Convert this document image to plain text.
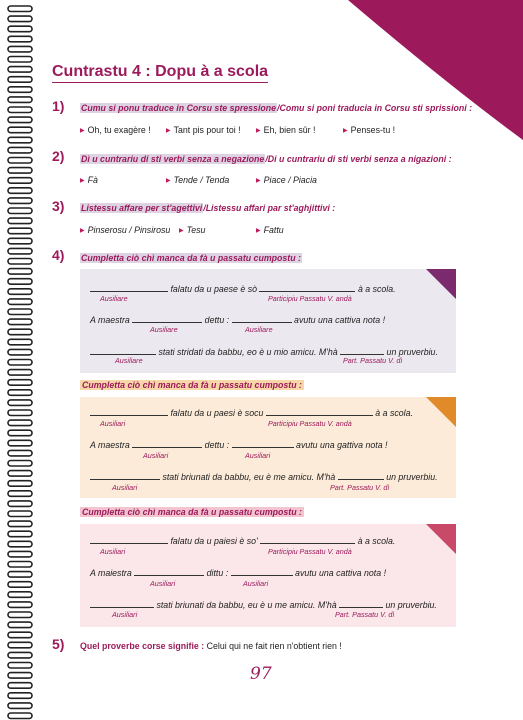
Cuntrastu 4 : Dopu à a scola
1) Cumu si ponu traduce in Corsu ste spressione/Comu si poni traducia in Corsu sti sprissioni :
▶ Oh, tu exagère !	▶ Tant pis pour toi !	▶ Eh, bien sûr !	▶ Penses-tu !
2) Dì u cuntrariu di sti verbi senza a negazione/Di u cuntrariu di sti verbi senza a nigazioni :
▶ Fà	▶ Tende / Tenda	▶ Piace / Piacia
3) Listessu affare per st'agettivi/Listessu affari par st'aghjittivi :
▶ Pinserosu / Pinsirosu ▶ Tesu	▶ Fattu
4) Cumpletta ciò chì manca da fà u passatu cumpostu :
falatu da u paese è sò	à a scola.
Ausiliare	Participiu Passatu V. andà
A maestra	dettu :	avutu una cattiva nota !
Ausiliare	Ausiliare
stati stridati da babbu, eo è u mio amicu. M'hà	un pruverbiu.
Ausiliare	Part. Passatu V. dì
Cumpletta ciò chì manca da fà u passatu cumpostu :
falatu da u paesi è socu	à a scola.
Ausiliari	Participiu Passatu V. andà
A maestra	dettu :	avutu una gattiva nota !
Ausiliari	Ausiliari
stati briunati da babbu, eu è me amicu. M'hà	un pruverbiu.
Ausiliari	Part. Passatu V. dì
Cumpletta ciò chì manca da fà u passatu cumpostu :
falatu da u paiesi è so'	à a scola.
Ausiliari	Participiu Passatu V. andà
A maiestra	dittu :	avutu una cattiva nota !
Ausiliari	Ausiliari
stati briunati da babbu, eu è u me amicu. M'hà	un pruverbiu.
Ausiliari	Part. Passatu V. dì
5) Quel proverbe corse signifie : Celui qui ne fait rien n'obtient rien !
97
